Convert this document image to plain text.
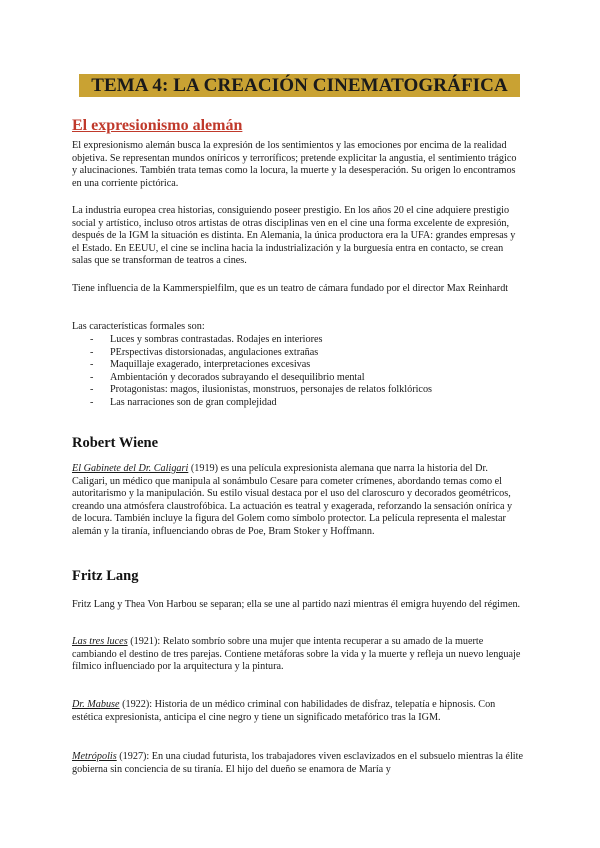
TEMA 4: LA CREACIÓN CINEMATOGRÁFICA
El expresionismo alemán

El expresionismo alemán busca la expresión de los sentimientos y las emociones por encima de la realidad objetiva. Se representan mundos oníricos y terroríficos; pretende explicitar la angustia, el sentimiento trágico y alucinaciones. También trata temas como la locura, la muerte y la desesperación. Su origen lo encontramos en una corriente pictórica.

La industria europea crea historias, consiguiendo poseer prestigio. En los años 20 el cine adquiere prestigio social y artístico, incluso otros artistas de otras disciplinas ven en el cine una forma excelente de expresión, después de la IGM la situación es distinta. En Alemania, la única productora era la UFA: grandes empresas y el Estado. En EEUU, el cine se inclina hacia la industrialización y la burguesía entra en contacto, se crean salas que se transforman de teatros a cines.

Tiene influencia de la Kammerspielfilm, que es un teatro de cámara fundado por el director Max Reinhardt

Las características formales son:

- Luces y sombras contrastadas. Rodajes en interiores
- PErspectivas distorsionadas, angulaciones extrañas
- Maquillaje exagerado, interpretaciones excesivas
- Ambientación y decorados subrayando el desequilibrio mental
- Protagonistas: magos, ilusionistas, monstruos, personajes de relatos folklóricos
- Las narraciones son de gran complejidad
Robert Wiene

El Gabinete del Dr. Caligari (1919) es una película expresionista alemana que narra la historia del Dr. Caligari, un médico que manipula al sonámbulo Cesare para cometer crímenes, abordando temas como el autoritarismo y la manipulación. Su estilo visual destaca por el uso del claroscuro y decorados geométricos, creando una atmósfera claustrofóbica. La actuación es teatral y exagerada, reforzando la sensación onírica y de locura. También incluye la figura del Golem como símbolo protector. La película representa el malestar alemán y la tiranía, influenciando obras de Poe, Bram Stoker y Hoffmann.

Fritz Lang

Fritz Lang y Thea Von Harbou se separan; ella se une al partido nazi mientras él emigra huyendo del régimen.

Las tres luces (1921): Relato sombrío sobre una mujer que intenta recuperar a su amado de la muerte cambiando el destino de tres parejas. Contiene metáforas sobre la vida y la muerte y refleja un nuevo lenguaje fílmico influenciado por la arquitectura y la pintura.

Dr. Mabuse (1922): Historia de un médico criminal con habilidades de disfraz, telepatía e hipnosis. Con estética expresionista, anticipa el cine negro y tiene un significado metafórico tras la IGM.

Metrópolis (1927): En una ciudad futurista, los trabajadores viven esclavizados en el subsuelo mientras la élite gobierna sin conciencia de su tiranía. El hijo del dueño se enamora de María y
